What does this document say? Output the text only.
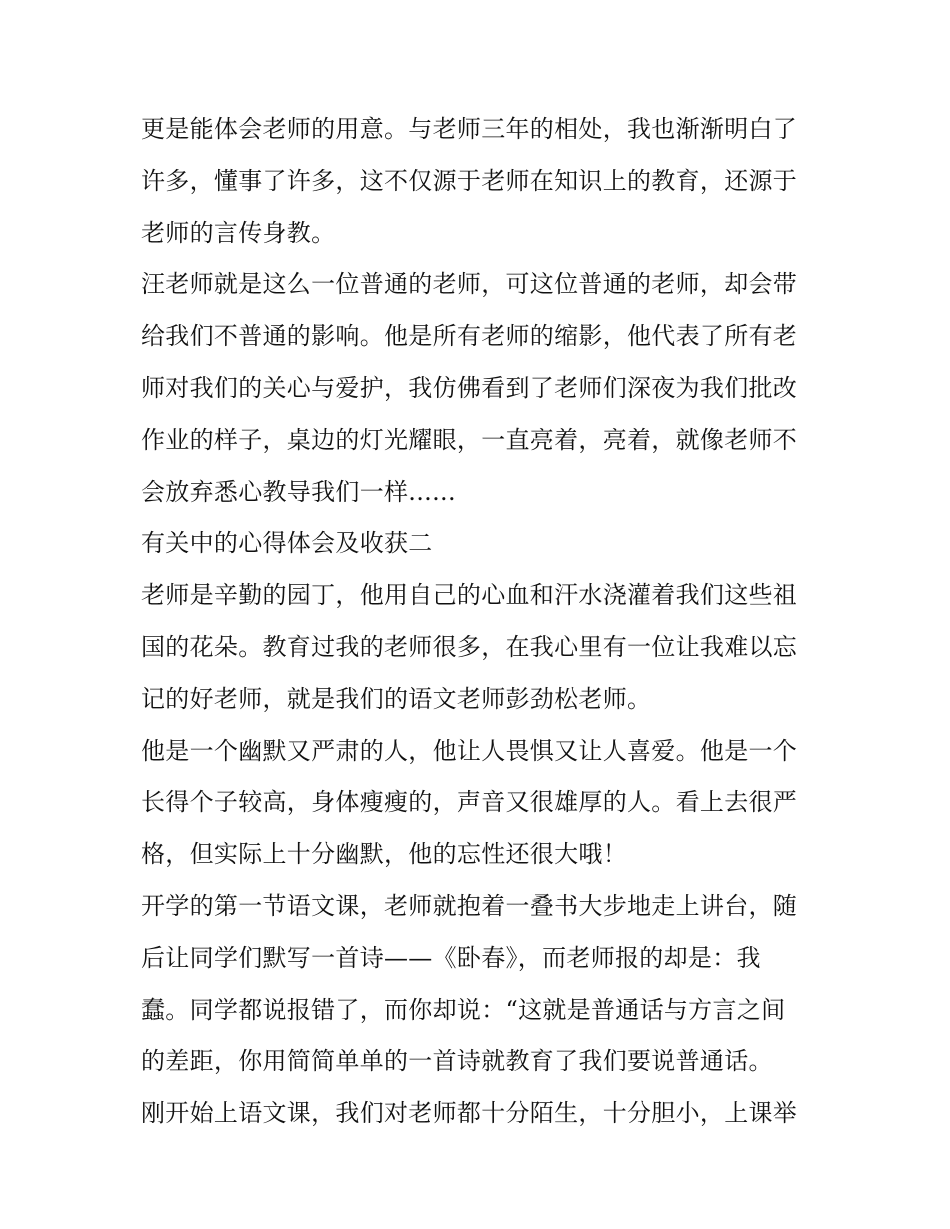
更是能体会老师的用意。与老师三年的相处，我也渐渐明白了
许多，懂事了许多，这不仅源于老师在知识上的教育，还源于
老师的言传身教。
汪老师就是这么一位普通的老师，可这位普通的老师，却会带
给我们不普通的影响。他是所有老师的缩影，他代表了所有老
师对我们的关心与爱护，我仿佛看到了老师们深夜为我们批改
作业的样子，桌边的灯光耀眼，一直亮着，亮着，就像老师不
会放弃悉心教导我们一样......
有关中的心得体会及收获二
老师是辛勤的园丁，他用自己的心血和汗水浇灌着我们这些祖
国的花朵。教育过我的老师很多，在我心里有一位让我难以忘
记的好老师，就是我们的语文老师彭劲松老师。
他是一个幽默又严肃的人，他让人畏惧又让人喜爱。他是一个
长得个子较高，身体瘦瘦的，声音又很雄厚的人。看上去很严
格，但实际上十分幽默，他的忘性还很大哦！
开学的第一节语文课，老师就抱着一叠书大步地走上讲台，随
后让同学们默写一首诗——《卧春》，而老师报的却是：我
蠢。同学都说报错了，而你却说：“这就是普通话与方言之间
的差距，你用简简单单的一首诗就教育了我们要说普通话。
刚开始上语文课，我们对老师都十分陌生，十分胆小，上课举
